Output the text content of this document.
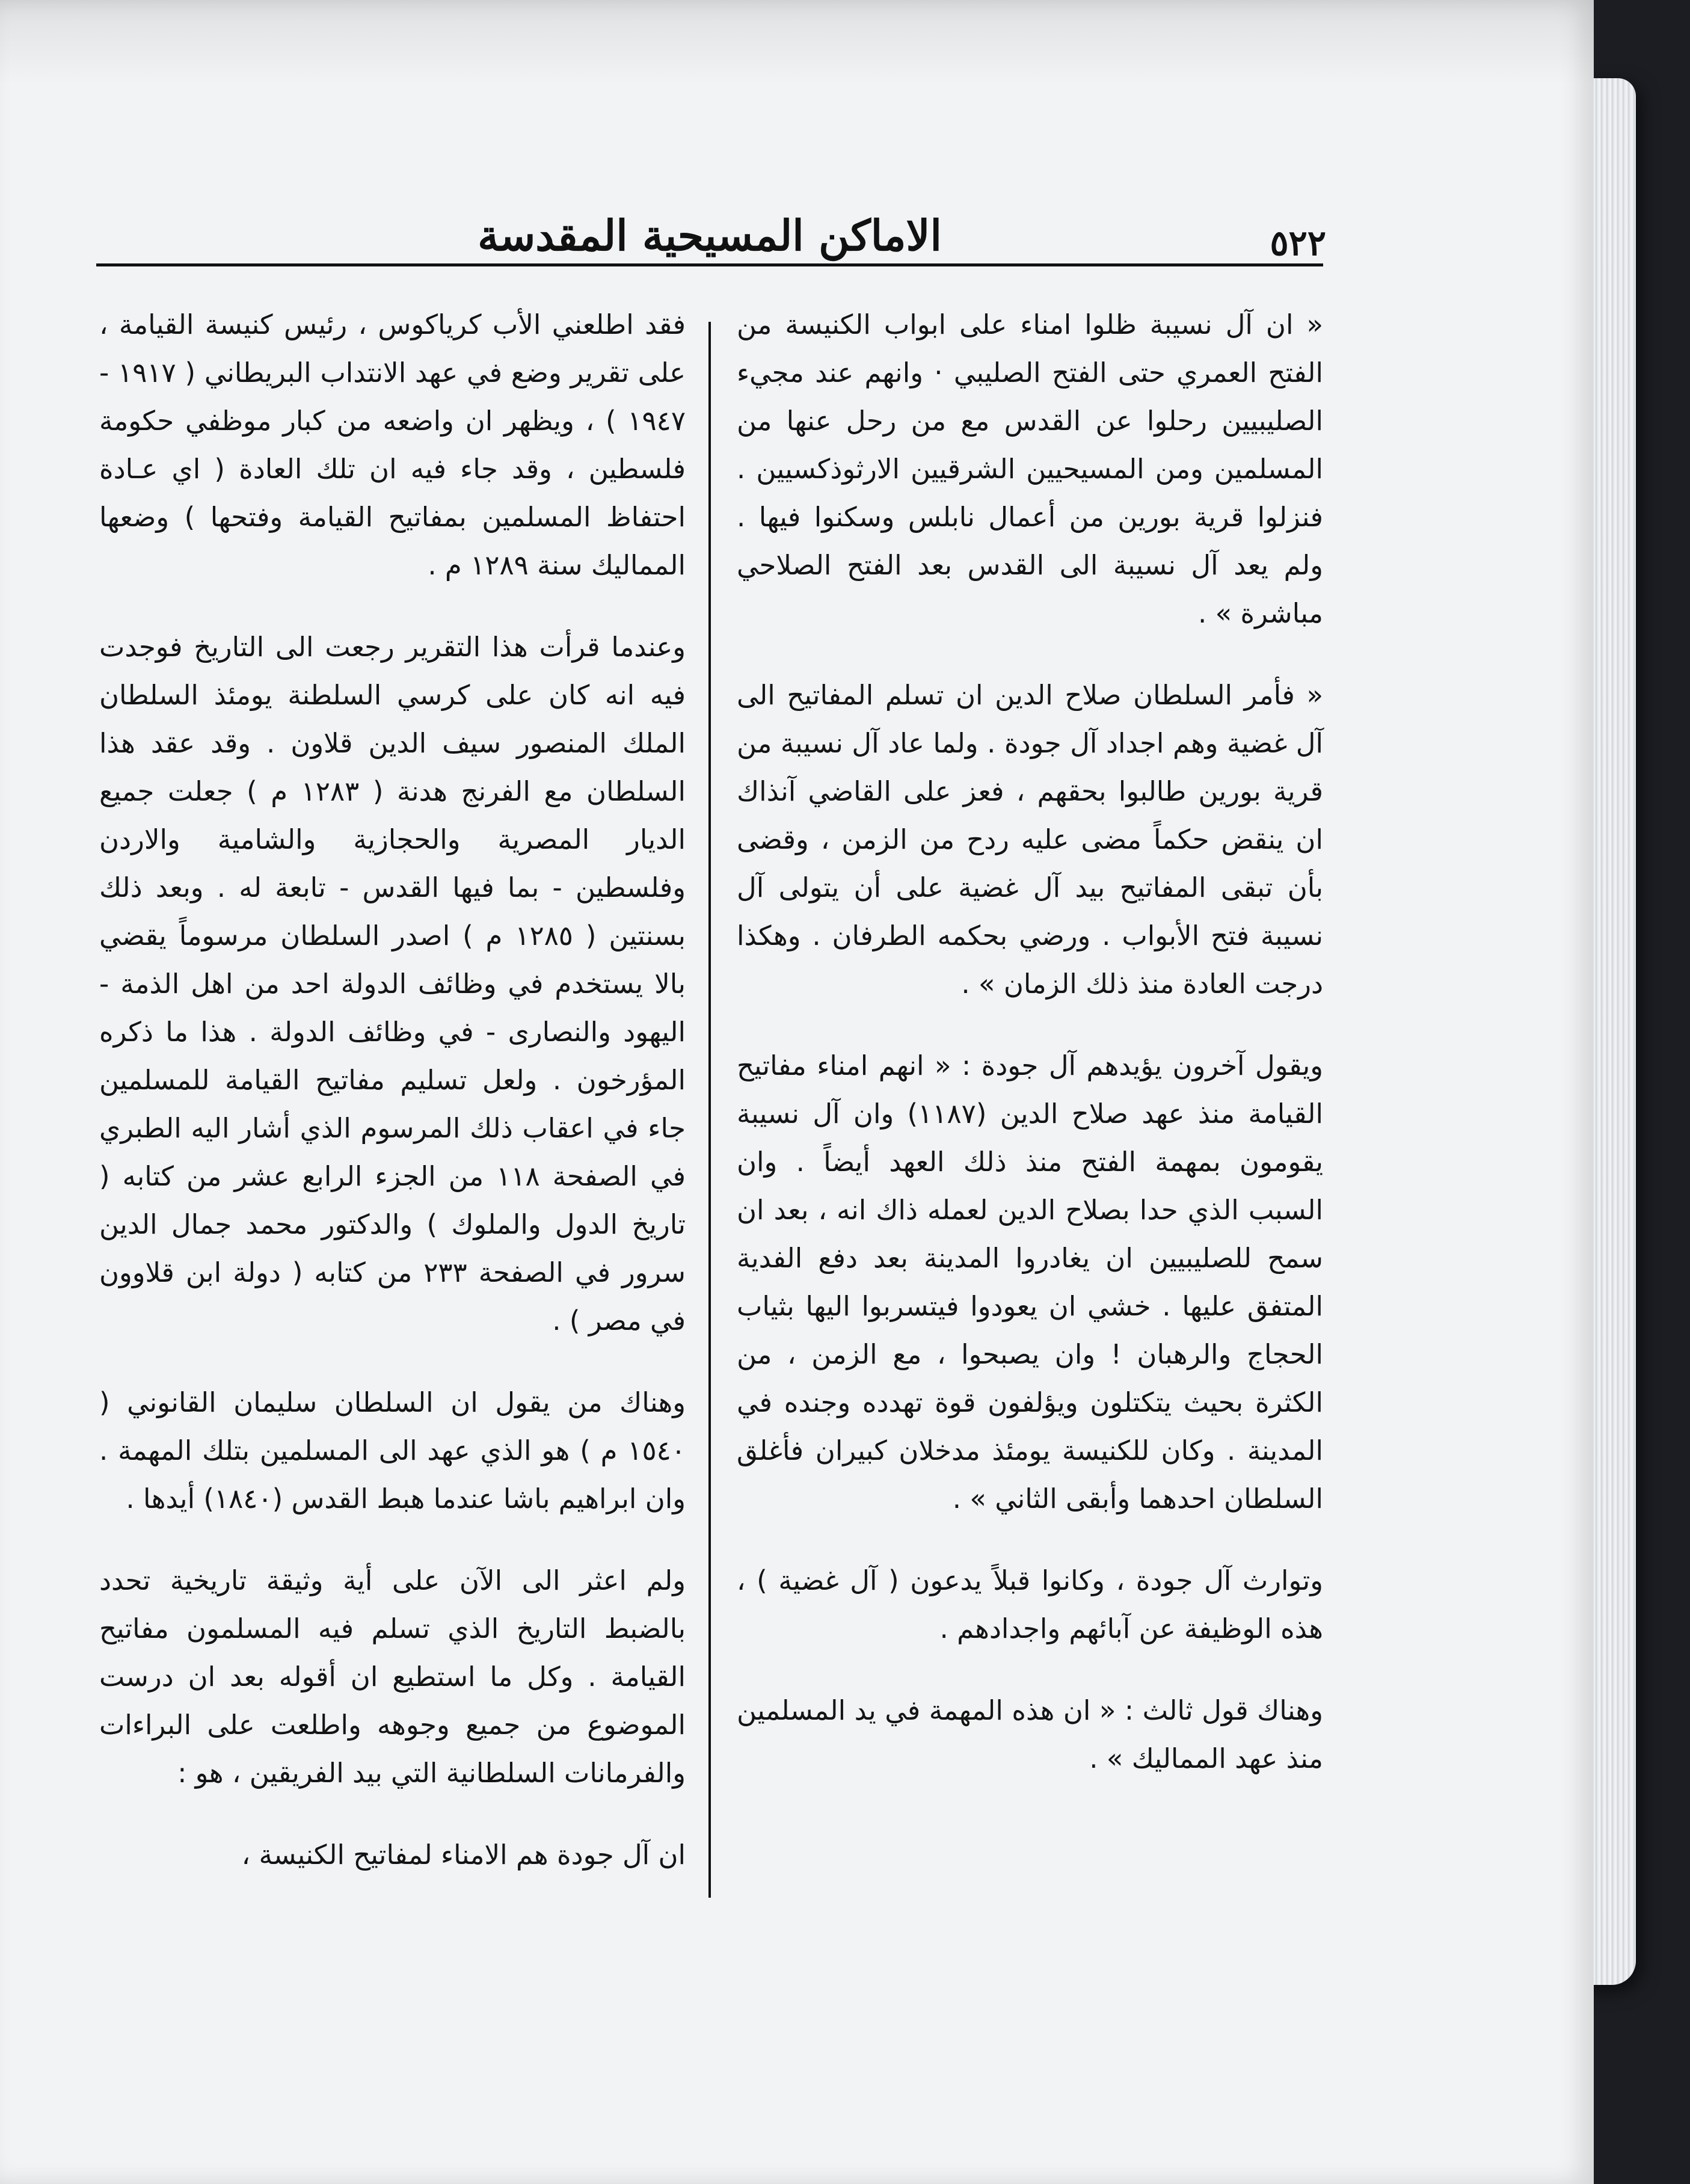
٥٢٢
الاماكن المسيحية المقدسة

« ان آل نسيبة ظلوا امناء على ابواب الكنيسة من الفتح العمري حتى الفتح الصليبي · وانهم عند مجيء الصليبيين رحلوا عن القدس مع من رحل عنها من المسلمين ومن المسيحيين الشرقيين الارثوذكسيين . فنزلوا قرية بورين من أعمال نابلس وسكنوا فيها . ولم يعد آل نسيبة الى القدس بعد الفتح الصلاحي مباشرة » .

« فأمر السلطان صلاح الدين ان تسلم المفاتيح الى آل غضية وهم اجداد آل جودة . ولما عاد آل نسيبة من قرية بورين طالبوا بحقهم ، فعز على القاضي آنذاك ان ينقض حكماً مضى عليه ردح من الزمن ، وقضى بأن تبقى المفاتيح بيد آل غضية على أن يتولى آل نسيبة فتح الأبواب . ورضي بحكمه الطرفان . وهكذا درجت العادة منذ ذلك الزمان » .

ويقول آخرون يؤيدهم آل جودة : « انهم امناء مفاتيح القيامة منذ عهد صلاح الدين (١١٨٧) وان آل نسيبة يقومون بمهمة الفتح منذ ذلك العهد أيضاً . وان السبب الذي حدا بصلاح الدين لعمله ذاك انه ، بعد ان سمح للصليبيين ان يغادروا المدينة بعد دفع الفدية المتفق عليها . خشي ان يعودوا فيتسربوا اليها بثياب الحجاج والرهبان ! وان يصبحوا ، مع الزمن ، من الكثرة بحيث يتكتلون ويؤلفون قوة تهدده وجنده في المدينة . وكان للكنيسة يومئذ مدخلان كبيران فأغلق السلطان احدهما وأبقى الثاني » .

وتوارث آل جودة ، وكانوا قبلاً يدعون ( آل غضية ) ، هذه الوظيفة عن آبائهم واجدادهم .

وهناك قول ثالث : « ان هذه المهمة في يد المسلمين منذ عهد المماليك » .

فقد اطلعني الأب كرياكوس ، رئيس كنيسة القيامة ، على تقرير وضع في عهد الانتداب البريطاني ( ١٩١٧ - ١٩٤٧ ) ، ويظهر ان واضعه من كبار موظفي حكومة فلسطين ، وقد جاء فيه ان تلك العادة ( اي عـادة احتفاظ المسلمين بمفاتيح القيامة وفتحها ) وضعها المماليك سنة ١٢٨٩ م .

وعندما قرأت هذا التقرير رجعت الى التاريخ فوجدت فيه انه كان على كرسي السلطنة يومئذ السلطان الملك المنصور سيف الدين قلاون . وقد عقد هذا السلطان مع الفرنج هدنة ( ١٢٨٣ م ) جعلت جميع الديار المصرية والحجازية والشامية والاردن وفلسطين - بما فيها القدس - تابعة له . وبعد ذلك بسنتين ( ١٢٨٥ م ) اصدر السلطان مرسوماً يقضي بالا يستخدم في وظائف الدولة احد من اهل الذمة - اليهود والنصارى - في وظائف الدولة . هذا ما ذكره المؤرخون . ولعل تسليم مفاتيح القيامة للمسلمين جاء في اعقاب ذلك المرسوم الذي أشار اليه الطبري في الصفحة ١١٨ من الجزء الرابع عشر من كتابه ( تاريخ الدول والملوك ) والدكتور محمد جمال الدين سرور في الصفحة ٢٣٣ من كتابه ( دولة ابن قلاوون في مصر ) .

وهناك من يقول ان السلطان سليمان القانوني ( ١٥٤٠ م ) هو الذي عهد الى المسلمين بتلك المهمة . وان ابراهيم باشا عندما هبط القدس (١٨٤٠) أيدها .

ولم اعثر الى الآن على أية وثيقة تاريخية تحدد بالضبط التاريخ الذي تسلم فيه المسلمون مفاتيح القيامة . وكل ما استطيع ان أقوله بعد ان درست الموضوع من جميع وجوهه واطلعت على البراءات والفرمانات السلطانية التي بيد الفريقين ، هو :

ان آل جودة هم الامناء لمفاتيح الكنيسة ،
